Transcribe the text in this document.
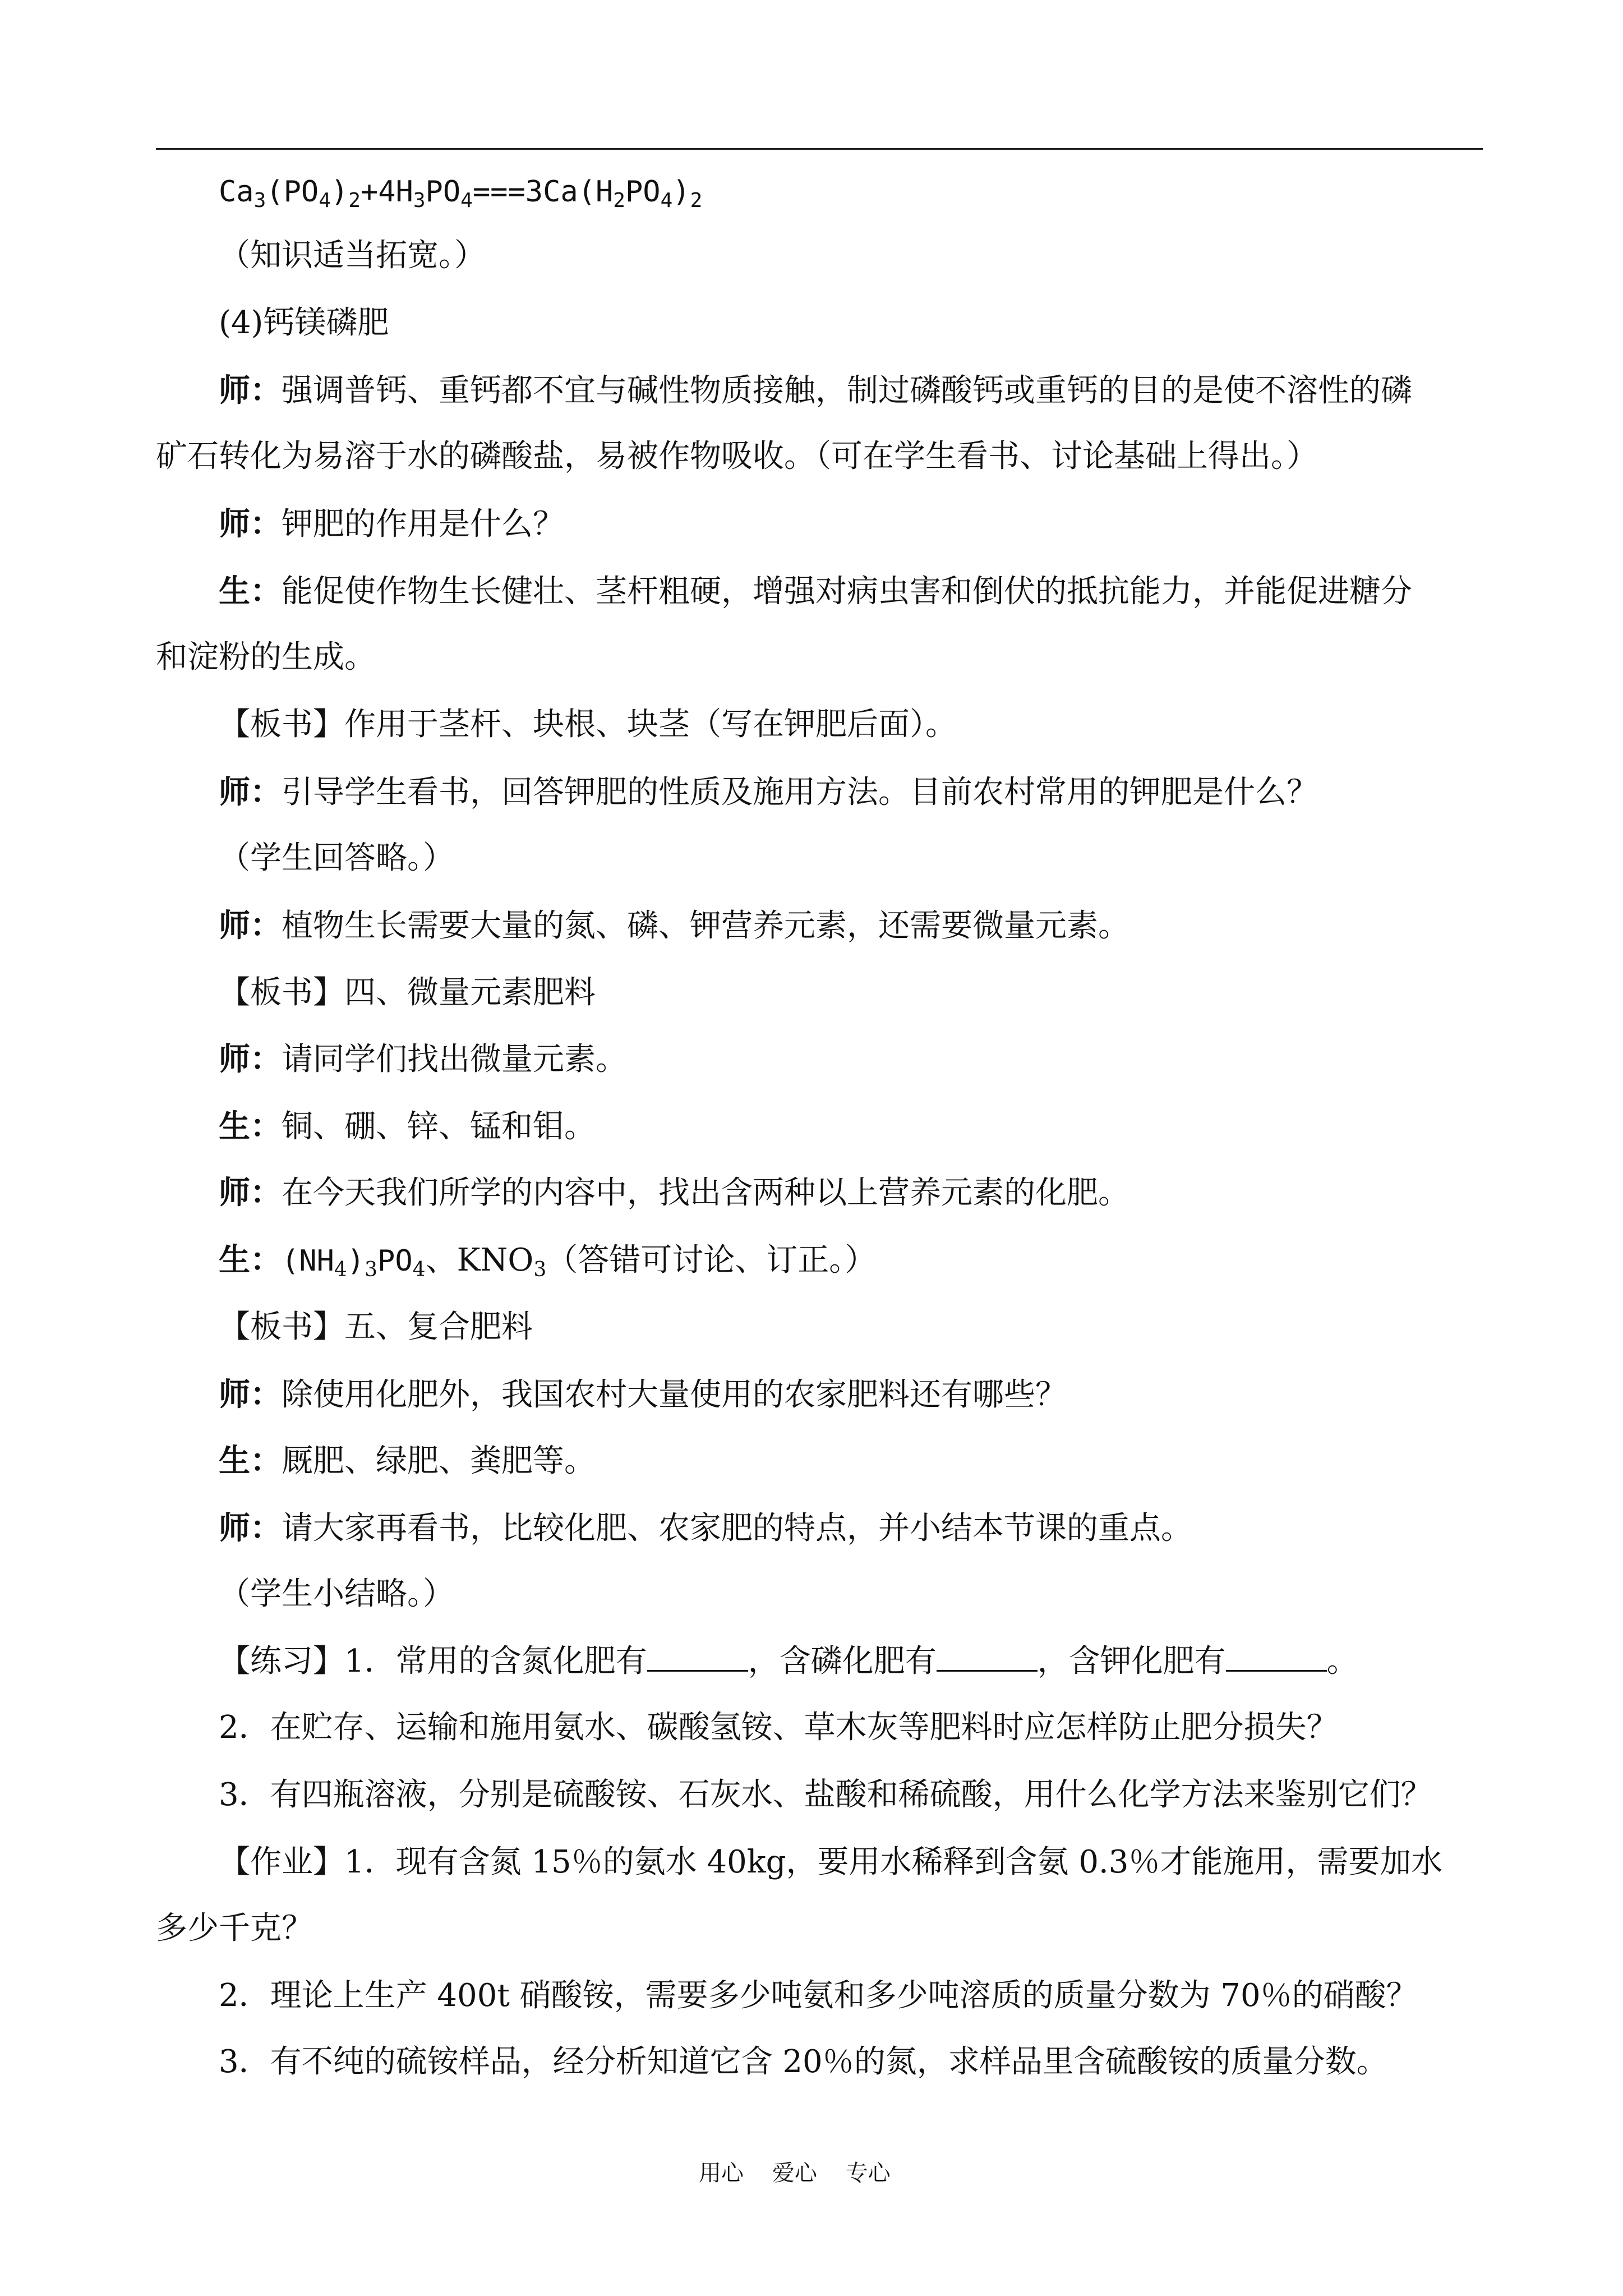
$Ca_3(PO_4)_2+4H_3PO_4===3Ca(H_2PO_4)_2$
（知识适当拓宽。）
(4)钙镁磷肥
师：强调普钙、重钙都不宜与碱性物质接触，制过磷酸钙或重钙的目的是使不溶性的磷
矿石转化为易溶于水的磷酸盐，易被作物吸收。（可在学生看书、讨论基础上得出。）
师：钾肥的作用是什么？
生：能促使作物生长健壮、茎杆粗硬，增强对病虫害和倒伏的抵抗能力，并能促进糖分
和淀粉的生成。
【板书】作用于茎杆、块根、块茎（写在钾肥后面）。
师：引导学生看书，回答钾肥的性质及施用方法。目前农村常用的钾肥是什么？
（学生回答略。）
师：植物生长需要大量的氮、磷、钾营养元素，还需要微量元素。
【板书】四、微量元素肥料
师：请同学们找出微量元素。
生：铜、硼、锌、锰和钼。
师：在今天我们所学的内容中，找出含两种以上营养元素的化肥。
生：$(NH_4)_3PO_4$、$KNO_3$（答错可讨论、订正。）
【板书】五、复合肥料
师：除使用化肥外，我国农村大量使用的农家肥料还有哪些？
生：厩肥、绿肥、粪肥等。
师：请大家再看书，比较化肥、农家肥的特点，并小结本节课的重点。
（学生小结略。）
【练习】1．常用的含氮化肥有	，含磷化肥有	，含钾化肥有	。
2．在贮存、运输和施用氨水、碳酸氢铵、草木灰等肥料时应怎样防止肥分损失？
3．有四瓶溶液，分别是硫酸铵、石灰水、盐酸和稀硫酸，用什么化学方法来鉴别它们？
【作业】1．现有含氮 15％的氨水 40kg，要用水稀释到含氨 0.3％才能施用，需要加水
多少千克？
2．理论上生产 400t 硝酸铵，需要多少吨氨和多少吨溶质的质量分数为 70％的硝酸？
3．有不纯的硫铵样品，经分析知道它含 20％的氮，求样品里含硫酸铵的质量分数。
用心    爱心    专心
